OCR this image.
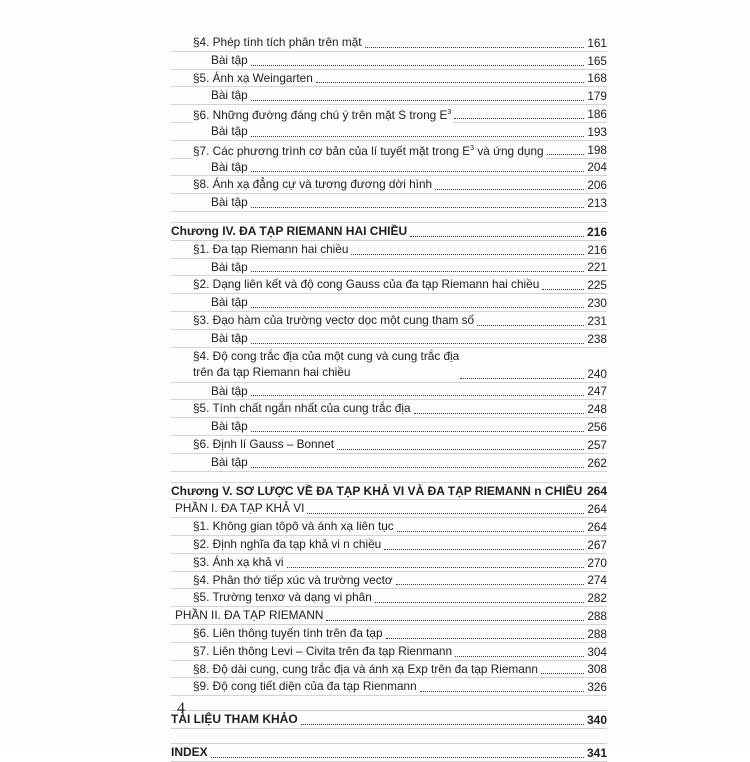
§4. Phép tính tích phân trên mặt	161
Bài tập	165
§5. Ánh xạ Weingarten	168
Bài tập	179
§6. Những đường đáng chú ý trên mặt S trong $E^3$	186
Bài tập	193
§7. Các phương trình cơ bản của lí tuyết mặt trong $E^3$ và ứng dụng	198
Bài tập	204
§8. Ánh xạ đẳng cự và tương đương dời hình	206
Bài tập	213
Chương IV. ĐA TẠP RIEMANN HAI CHIỀU	216
§1. Đa tạp Riemann hai chiều	216
Bài tập	221
§2. Dạng liên kết và độ cong Gauss của đa tạp Riemann hai chiều	225
Bài tập	230
§3. Đạo hàm của trường vectơ dọc một cung tham số	231
Bài tập	238
§4. Độ cong trắc địa của một cung và cung trắc địa
trên đa tạp Riemann hai chiều	240
Bài tập	247
§5. Tính chất ngắn nhất của cung trắc địa	248
Bài tập	256
§6. Định lí Gauss – Bonnet	257
Bài tập	262
Chương V. SƠ LƯỢC VỀ ĐA TẠP KHẢ VI VÀ ĐA TẠP RIEMANN n CHIỀU 264
PHẦN I. ĐA TẠP KHẢ VI	264
§1. Không gian tôpô và ánh xạ liên tục	264
§2. Định nghĩa đa tạp khả vi n chiều	267
§3. Ánh xạ khả vi	270
§4. Phân thớ tiếp xúc và trường vectơ	274
§5. Trường tenxơ và dạng vi phân	282
PHẦN II. ĐA TẠP RIEMANN	288
§6. Liên thông tuyến tính trên đa tạp	288
§7. Liên thông Levi – Civita trên đa tạp Rienmann	304
§8. Độ dài cung, cung trắc địa và ánh xạ Exp trên đa tạp Riemann	308
§9. Độ cong tiết diện của đa tạp Rienmann	326
TÀI LIỆU THAM KHẢO	340
INDEX	341
4
